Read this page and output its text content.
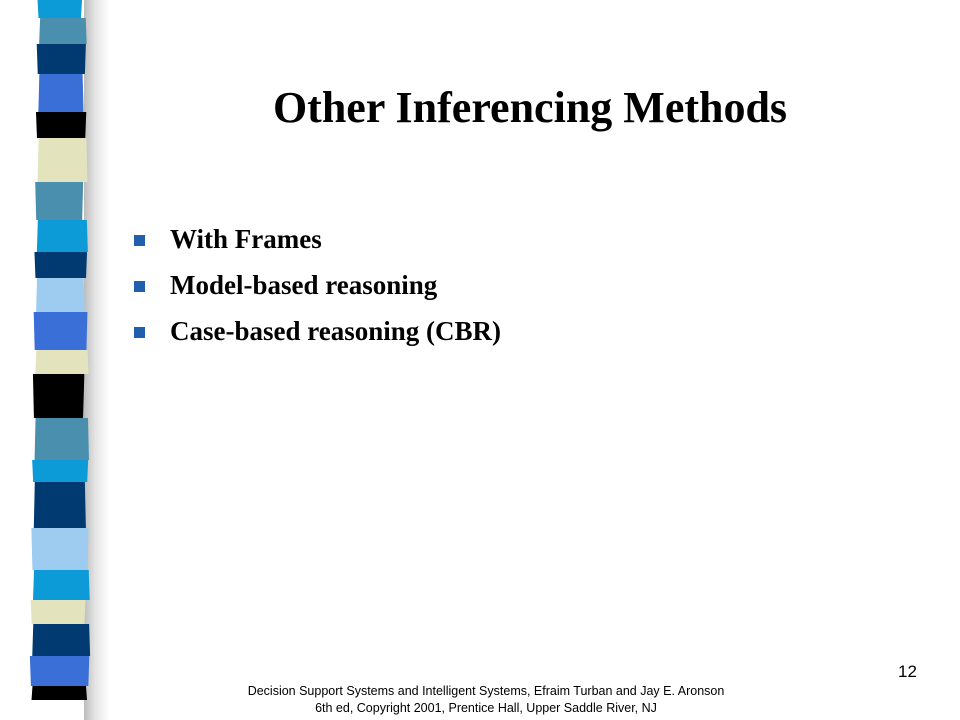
Other Inferencing Methods
With Frames
Model-based reasoning
Case-based reasoning (CBR)
12
Decision Support Systems and Intelligent Systems, Efraim Turban and Jay E. Aronson
6th ed, Copyright 2001, Prentice Hall, Upper Saddle River, NJ
